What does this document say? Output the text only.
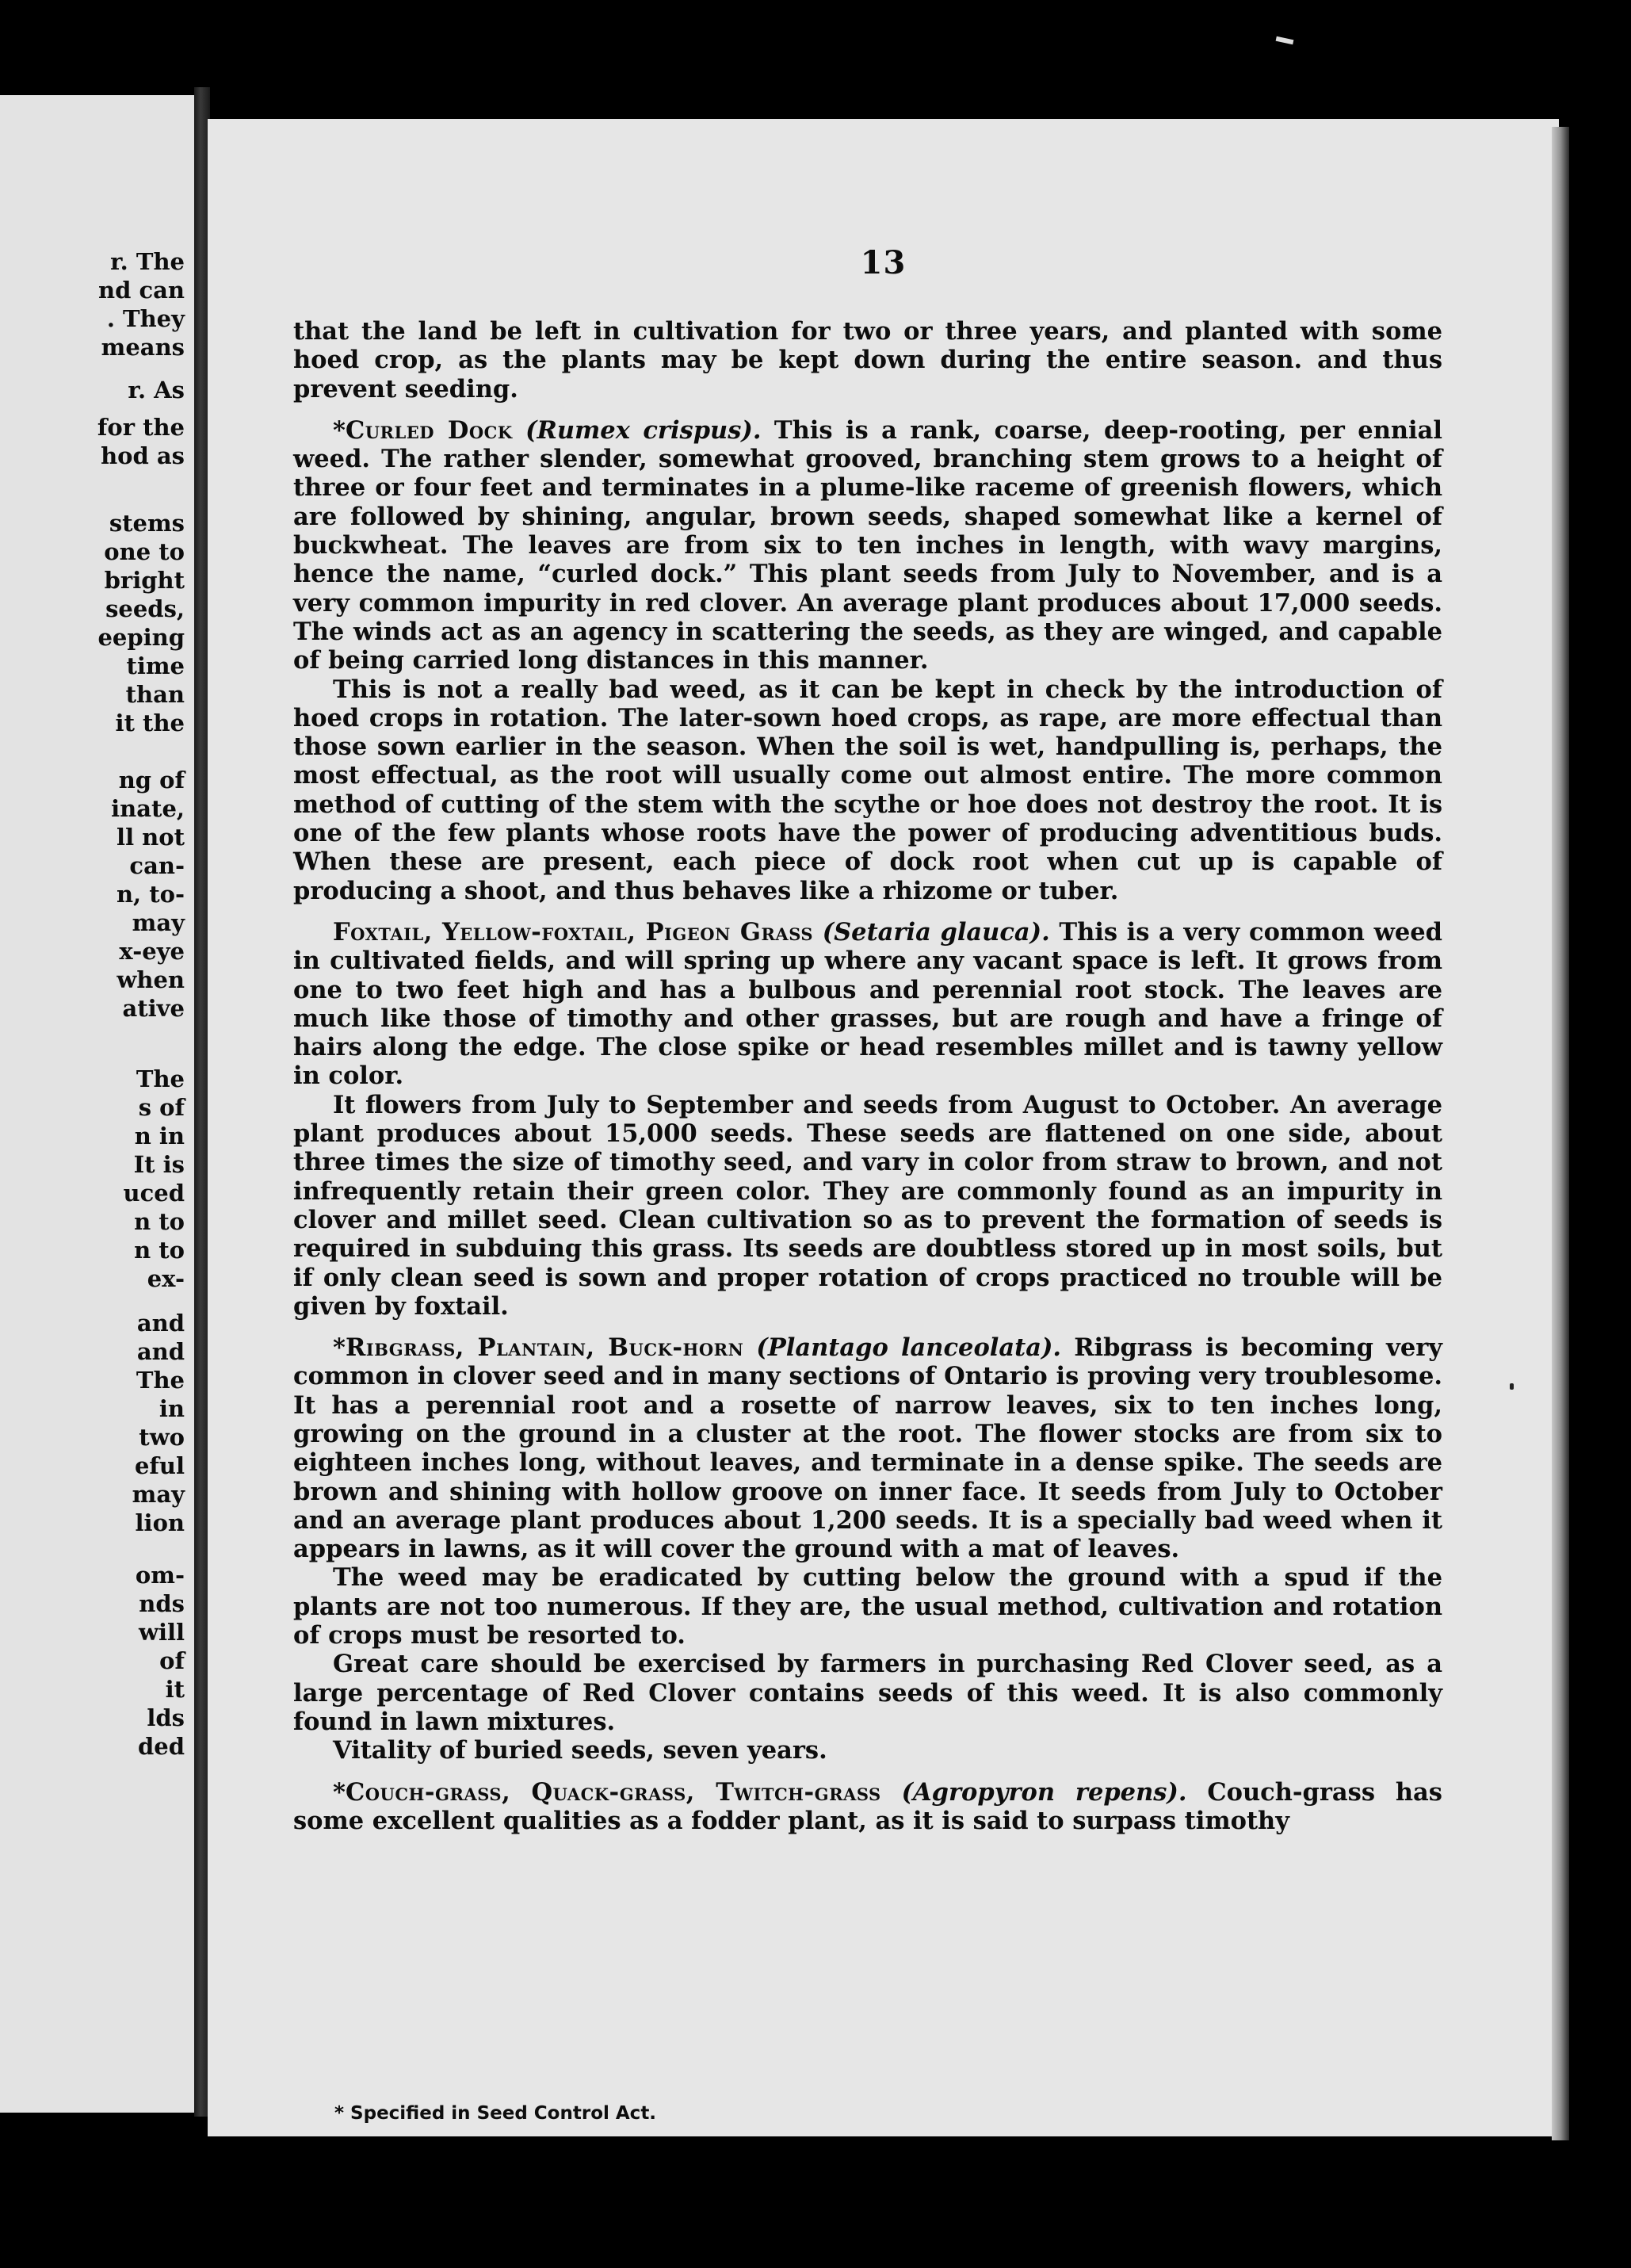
r. The
nd can
. They
means
r. As
for the
hod as
stems
one to
bright
seeds,
eeping
time
than
it the
ng of
inate,
ll not
can-
n, to-
may
x-eye
when
ative
The
s of
n in
It is
uced
n to
n to
ex-
and
and
The
in
two
eful
may
lion
om-
nds
will
of
it
lds
ded
13

that the land be left in cultivation for two or three years, and planted with some hoed crop, as the plants may be kept down during the entire season. and thus prevent seeding.

*Curled Dock (Rumex crispus). This is a rank, coarse, deep-rooting, per ennial weed. The rather slender, somewhat grooved, branching stem grows to a height of three or four feet and terminates in a plume-like raceme of greenish flowers, which are followed by shining, angular, brown seeds, shaped somewhat like a kernel of buckwheat. The leaves are from six to ten inches in length, with wavy margins, hence the name, “curled dock.” This plant seeds from July to November, and is a very common impurity in red clover. An average plant produces about 17,000 seeds. The winds act as an agency in scattering the seeds, as they are winged, and capable of being carried long distances in this manner.

This is not a really bad weed, as it can be kept in check by the introduction of hoed crops in rotation. The later-sown hoed crops, as rape, are more effectual than those sown earlier in the season. When the soil is wet, handpulling is, perhaps, the most effectual, as the root will usually come out almost entire. The more common method of cutting of the stem with the scythe or hoe does not destroy the root. It is one of the few plants whose roots have the power of producing adventitious buds. When these are present, each piece of dock root when cut up is capable of producing a shoot, and thus behaves like a rhizome or tuber.

Foxtail, Yellow-foxtail, Pigeon Grass (Setaria glauca). This is a very common weed in cultivated fields, and will spring up where any vacant space is left. It grows from one to two feet high and has a bulbous and perennial root stock. The leaves are much like those of timothy and other grasses, but are rough and have a fringe of hairs along the edge. The close spike or head resembles millet and is tawny yellow in color.

It flowers from July to September and seeds from August to October. An average plant produces about 15,000 seeds. These seeds are flattened on one side, about three times the size of timothy seed, and vary in color from straw to brown, and not infrequently retain their green color. They are commonly found as an impurity in clover and millet seed. Clean cultivation so as to prevent the formation of seeds is required in subduing this grass. Its seeds are doubtless stored up in most soils, but if only clean seed is sown and proper rotation of crops practiced no trouble will be given by foxtail.

*Ribgrass, Plantain, Buck-horn (Plantago lanceolata). Ribgrass is becoming very common in clover seed and in many sections of Ontario is proving very troublesome. It has a perennial root and a rosette of narrow leaves, six to ten inches long, growing on the ground in a cluster at the root. The flower stocks are from six to eighteen inches long, without leaves, and terminate in a dense spike. The seeds are brown and shining with hollow groove on inner face. It seeds from July to October and an average plant produces about 1,200 seeds. It is a specially bad weed when it appears in lawns, as it will cover the ground with a mat of leaves.

The weed may be eradicated by cutting below the ground with a spud if the plants are not too numerous. If they are, the usual method, cultivation and rotation of crops must be resorted to.

Great care should be exercised by farmers in purchasing Red Clover seed, as a large percentage of Red Clover contains seeds of this weed. It is also commonly found in lawn mixtures.

Vitality of buried seeds, seven years.

*Couch-grass, Quack-grass, Twitch-grass (Agropyron repens). Couch-grass has some excellent qualities as a fodder plant, as it is said to surpass timothy

* Specified in Seed Control Act.
